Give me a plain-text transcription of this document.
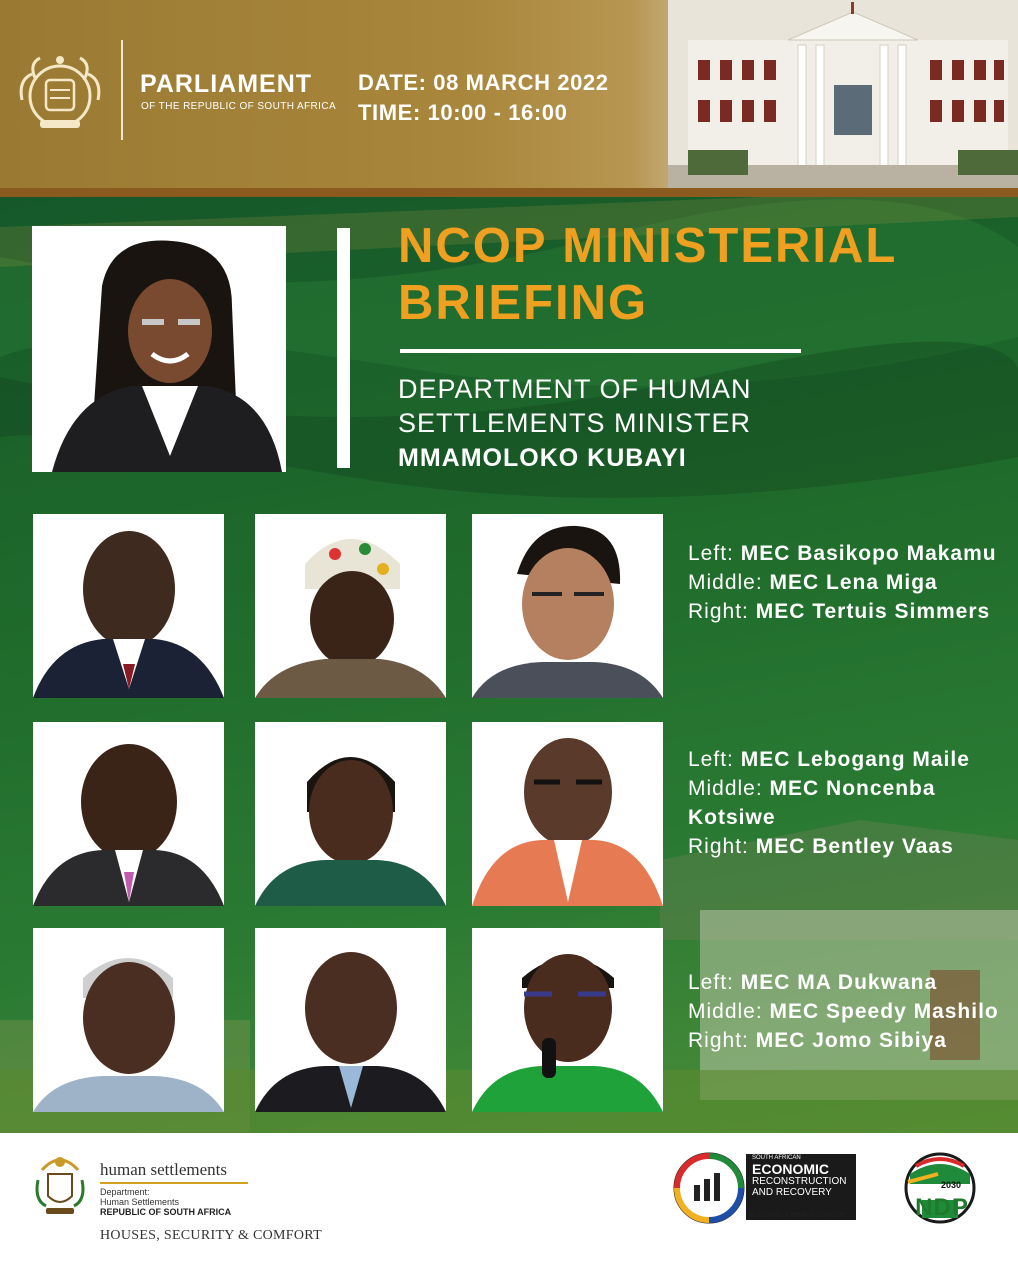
PARLIAMENT
OF THE REPUBLIC OF SOUTH AFRICA
DATE: 08 MARCH 2022
TIME: 10:00 - 16:00
NCOP MINISTERIAL
BRIEFING
DEPARTMENT OF HUMAN
SETTLEMENTS MINISTER
MMAMOLOKO KUBAYI
Left: MEC Basikopo Makamu
Middle: MEC Lena Miga
Right: MEC Tertuis Simmers
Left: MEC Lebogang Maile
Middle: MEC Noncenba Kotsiwe
Right: MEC Bentley Vaas
Left: MEC MA Dukwana
Middle: MEC Speedy Mashilo
Right: MEC Jomo Sibiya
human settlements
Department:
Human Settlements
REPUBLIC OF SOUTH AFRICA
HOUSES, SECURITY & COMFORT
SOUTH AFRICAN
ECONOMIC
RECONSTRUCTION
AND RECOVERY
BUILDING A NEW ECONOMY
2030
NDP
